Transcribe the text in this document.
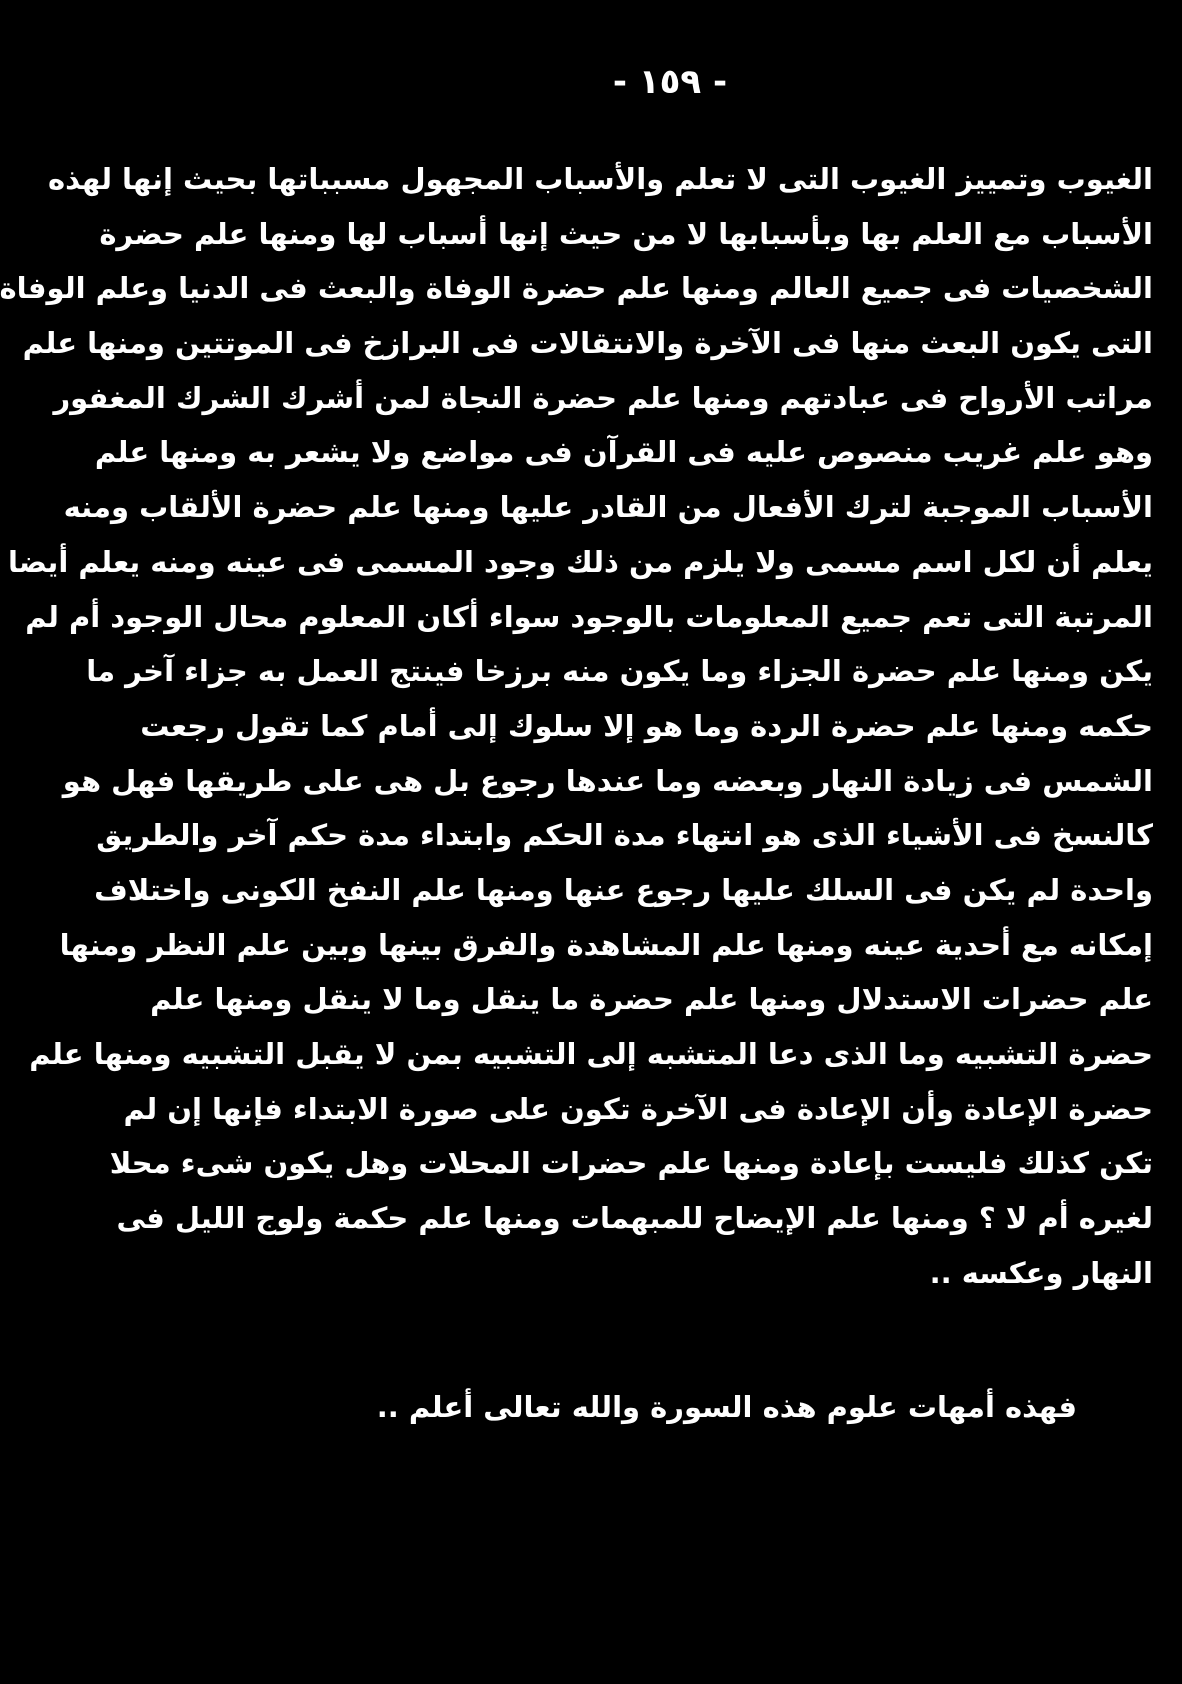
- ١٥٩ -
الغيوب وتمييز الغيوب التى لا تعلم والأسباب المجهول مسبباتها بحيث إنها لهذه
الأسباب مع العلم بها وبأسبابها لا من حيث إنها أسباب لها ومنها علم حضرة
الشخصيات فى جميع العالم ومنها علم حضرة الوفاة والبعث فى الدنيا وعلم الوفاة
التى يكون البعث منها فى الآخرة والانتقالات فى البرازخ فى الموتتين ومنها علم
مراتب الأرواح فى عبادتهم ومنها علم حضرة النجاة لمن أشرك الشرك المغفور
وهو علم غريب منصوص عليه فى القرآن فى مواضع ولا يشعر به ومنها علم
الأسباب الموجبة لترك الأفعال من القادر عليها ومنها علم حضرة الألقاب ومنه
يعلم أن لكل اسم مسمى ولا يلزم من ذلك وجود المسمى فى عينه ومنه يعلم أيضا
المرتبة التى تعم جميع المعلومات بالوجود سواء أكان المعلوم محال الوجود أم لم
يكن ومنها علم حضرة الجزاء وما يكون منه برزخا فينتج العمل به جزاء آخر ما
حكمه ومنها علم حضرة الردة وما هو إلا سلوك إلى أمام كما تقول رجعت
الشمس فى زيادة النهار وبعضه وما عندها رجوع بل هى على طريقها فهل هو
كالنسخ فى الأشياء الذى هو انتهاء مدة الحكم وابتداء مدة حكم آخر والطريق
واحدة لم يكن فى السلك عليها رجوع عنها ومنها علم النفخ الكونى واختلاف
إمكانه مع أحدية عينه ومنها علم المشاهدة والفرق بينها وبين علم النظر ومنها
علم حضرات الاستدلال ومنها علم حضرة ما ينقل وما لا ينقل ومنها علم
حضرة التشبيه وما الذى دعا المتشبه إلى التشبيه بمن لا يقبل التشبيه ومنها علم
حضرة الإعادة وأن الإعادة فى الآخرة تكون على صورة الابتداء فإنها إن لم
تكن كذلك فليست بإعادة ومنها علم حضرات المحلات وهل يكون شىء محلا
لغيره أم لا ؟ ومنها علم الإيضاح للمبهمات ومنها علم حكمة ولوج الليل فى
النهار وعكسه ..
فهذه أمهات علوم هذه السورة والله تعالى أعلم ..
